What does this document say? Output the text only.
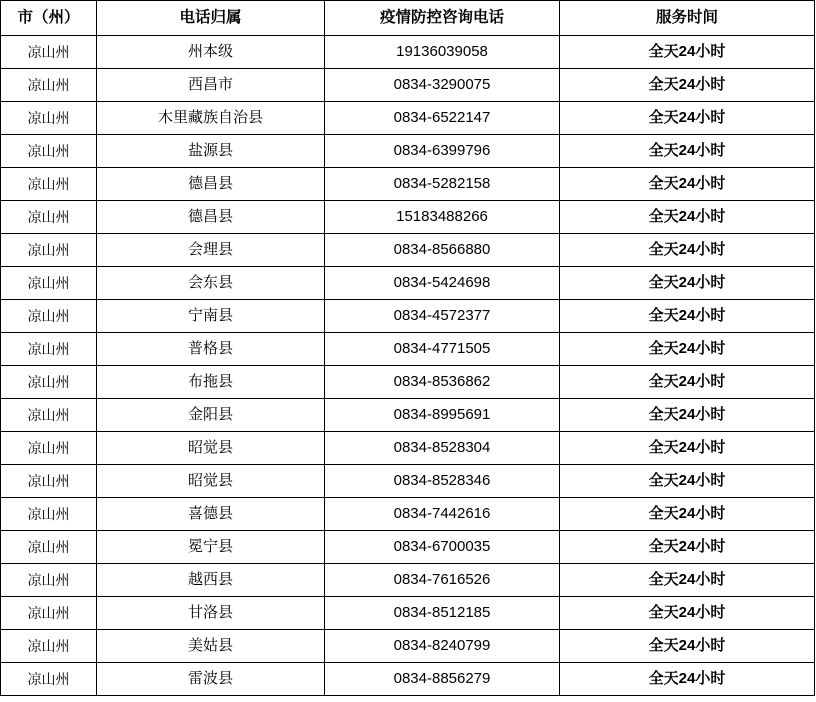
市（州）	电话归属	疫情防控咨询电话	服务时间
凉山州	州本级	19136039058	全天24小时
凉山州	西昌市	0834-3290075	全天24小时
凉山州	木里藏族自治县	0834-6522147	全天24小时
凉山州	盐源县	0834-6399796	全天24小时
凉山州	德昌县	0834-5282158	全天24小时
凉山州	德昌县	15183488266	全天24小时
凉山州	会理县	0834-8566880	全天24小时
凉山州	会东县	0834-5424698	全天24小时
凉山州	宁南县	0834-4572377	全天24小时
凉山州	普格县	0834-4771505	全天24小时
凉山州	布拖县	0834-8536862	全天24小时
凉山州	金阳县	0834-8995691	全天24小时
凉山州	昭觉县	0834-8528304	全天24小时
凉山州	昭觉县	0834-8528346	全天24小时
凉山州	喜德县	0834-7442616	全天24小时
凉山州	冕宁县	0834-6700035	全天24小时
凉山州	越西县	0834-7616526	全天24小时
凉山州	甘洛县	0834-8512185	全天24小时
凉山州	美姑县	0834-8240799	全天24小时
凉山州	雷波县	0834-8856279	全天24小时
